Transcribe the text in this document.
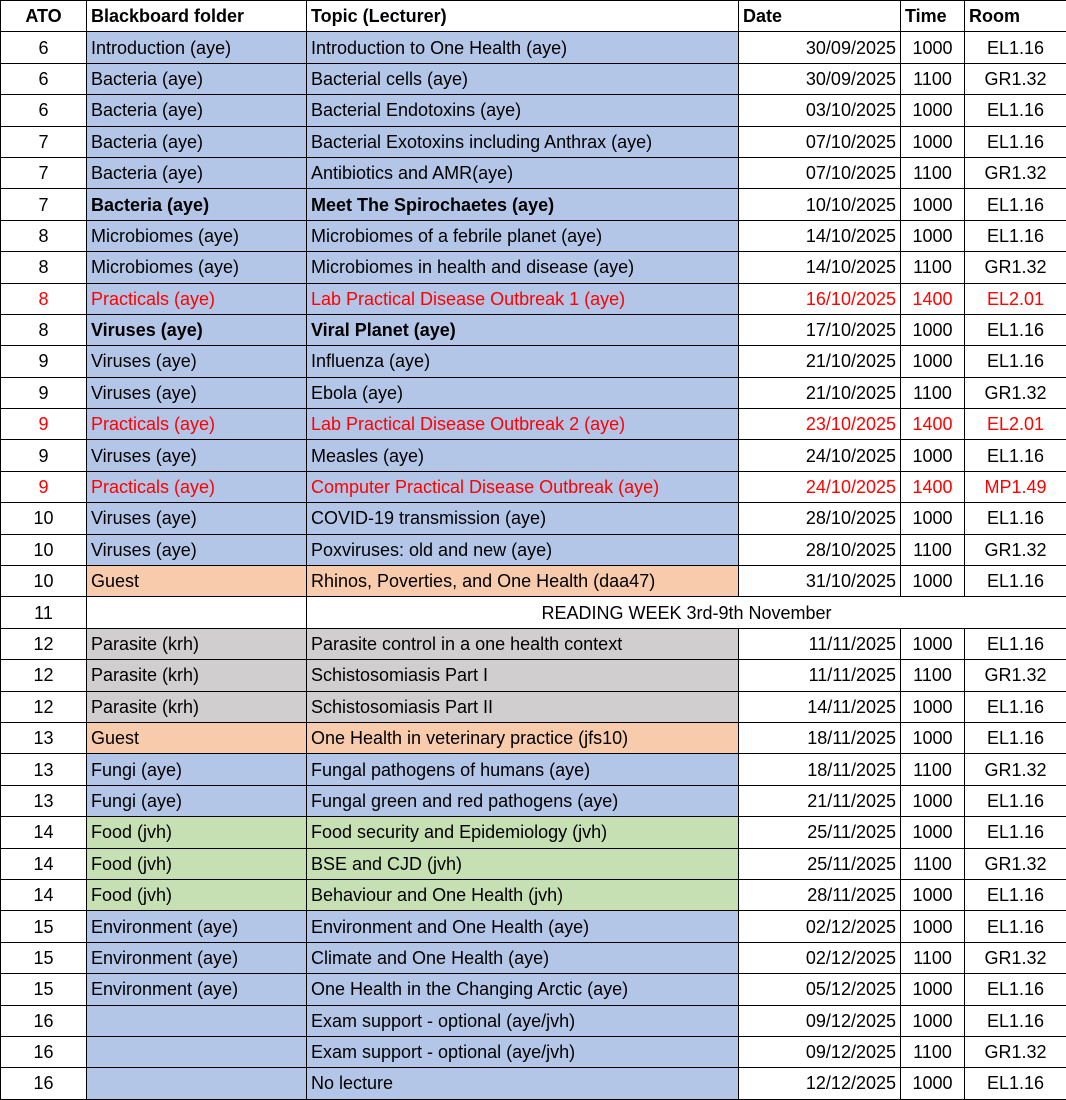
ATO	Blackboard folder	Topic (Lecturer)	Date	Time	Room
6	Introduction (aye)	Introduction to One Health (aye)	30/09/2025	1000	EL1.16
6	Bacteria (aye)	Bacterial cells (aye)	30/09/2025	1100	GR1.32
6	Bacteria (aye)	Bacterial Endotoxins (aye)	03/10/2025	1000	EL1.16
7	Bacteria (aye)	Bacterial Exotoxins including Anthrax (aye)	07/10/2025	1000	EL1.16
7	Bacteria (aye)	Antibiotics and AMR(aye)	07/10/2025	1100	GR1.32
7	Bacteria (aye)	Meet The Spirochaetes (aye)	10/10/2025	1000	EL1.16
8	Microbiomes (aye)	Microbiomes of a febrile planet (aye)	14/10/2025	1000	EL1.16
8	Microbiomes (aye)	Microbiomes in health and disease (aye)	14/10/2025	1100	GR1.32
8	Practicals (aye)	Lab Practical Disease Outbreak 1 (aye)	16/10/2025	1400	EL2.01
8	Viruses (aye)	Viral Planet (aye)	17/10/2025	1000	EL1.16
9	Viruses (aye)	Influenza (aye)	21/10/2025	1000	EL1.16
9	Viruses (aye)	Ebola (aye)	21/10/2025	1100	GR1.32
9	Practicals (aye)	Lab Practical Disease Outbreak 2 (aye)	23/10/2025	1400	EL2.01
9	Viruses (aye)	Measles (aye)	24/10/2025	1000	EL1.16
9	Practicals (aye)	Computer Practical Disease Outbreak (aye)	24/10/2025	1400	MP1.49
10	Viruses (aye)	COVID-19 transmission (aye)	28/10/2025	1000	EL1.16
10	Viruses (aye)	Poxviruses: old and new (aye)	28/10/2025	1100	GR1.32
10	Guest	Rhinos, Poverties, and One Health (daa47)	31/10/2025	1000	EL1.16
11		READING WEEK 3rd-9th November			
12	Parasite (krh)	Parasite control in a one health context	11/11/2025	1000	EL1.16
12	Parasite (krh)	Schistosomiasis Part I	11/11/2025	1100	GR1.32
12	Parasite (krh)	Schistosomiasis Part II	14/11/2025	1000	EL1.16
13	Guest	One Health in veterinary practice (jfs10)	18/11/2025	1000	EL1.16
13	Fungi (aye)	Fungal pathogens of humans (aye)	18/11/2025	1100	GR1.32
13	Fungi (aye)	Fungal green and red pathogens (aye)	21/11/2025	1000	EL1.16
14	Food (jvh)	Food security and Epidemiology (jvh)	25/11/2025	1000	EL1.16
14	Food (jvh)	BSE and CJD (jvh)	25/11/2025	1100	GR1.32
14	Food (jvh)	Behaviour and One Health (jvh)	28/11/2025	1000	EL1.16
15	Environment (aye)	Environment and One Health (aye)	02/12/2025	1000	EL1.16
15	Environment (aye)	Climate and One Health (aye)	02/12/2025	1100	GR1.32
15	Environment (aye)	One Health in the Changing Arctic (aye)	05/12/2025	1000	EL1.16
16		Exam support - optional (aye/jvh)	09/12/2025	1000	EL1.16
16		Exam support - optional (aye/jvh)	09/12/2025	1100	GR1.32
16		No lecture	12/12/2025	1000	EL1.16
